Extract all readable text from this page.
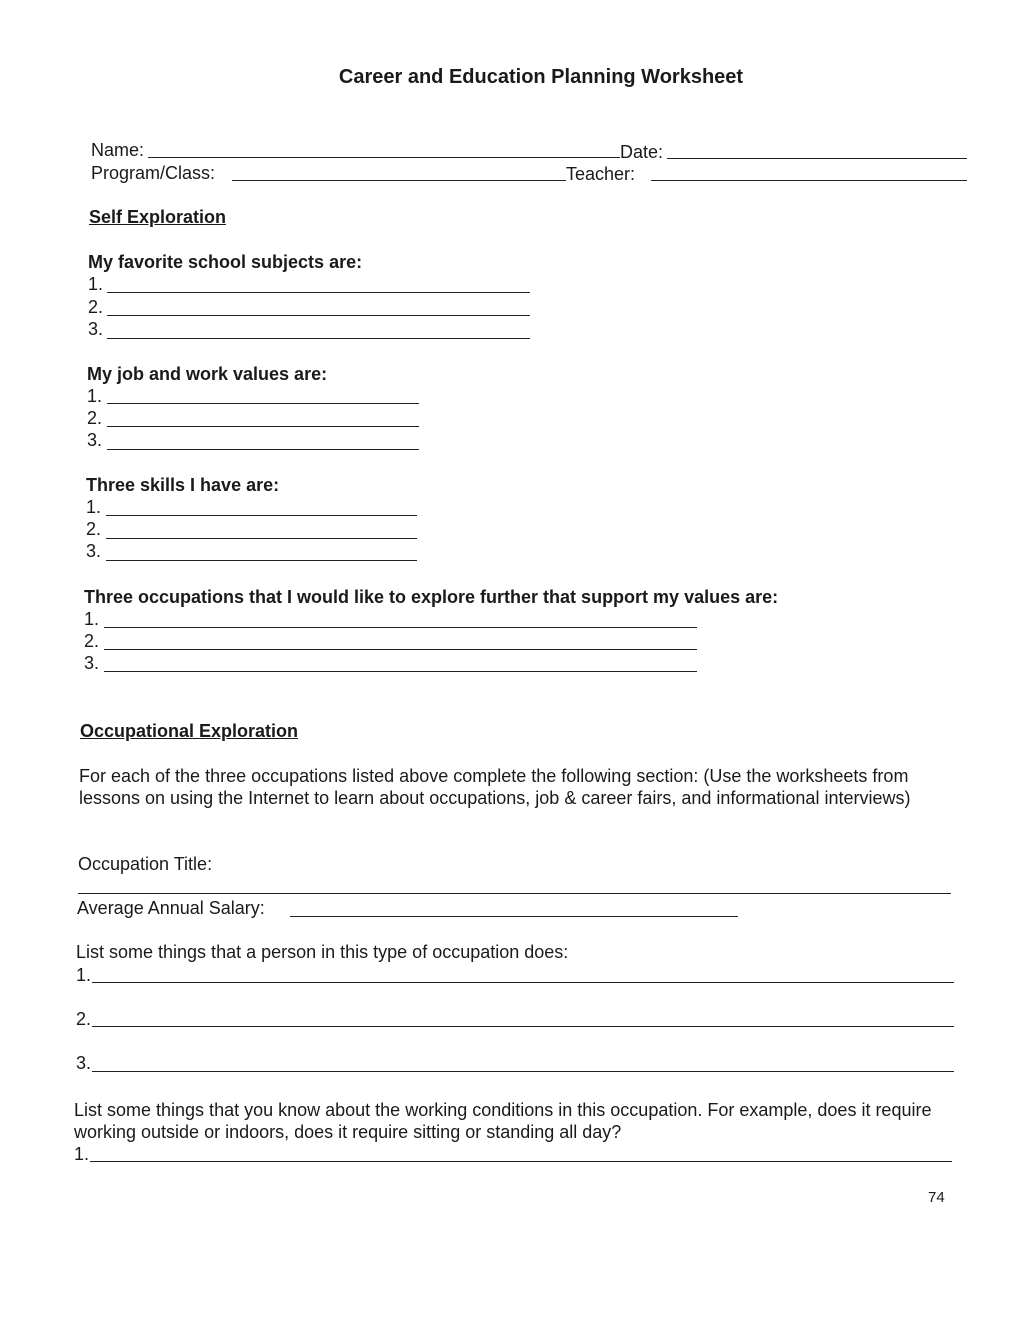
Career and Education Planning Worksheet
Name:	Date:
Program/Class:	Teacher:
Self Exploration
My favorite school subjects are:
1.
2.
3.
My job and work values are:
1.
2.
3.
Three skills I have are:
1.
2.
3.
Three occupations that I would like to explore further that support my values are:
1.
2.
3.
Occupational Exploration
For each of the three occupations listed above complete the following section: (Use the worksheets from lessons on using the Internet to learn about occupations, job & career fairs, and informational interviews)
Occupation Title:
Average Annual Salary:
List some things that a person in this type of occupation does:
1.
2.
3.
List some things that you know about the working conditions in this occupation. For example, does it require working outside or indoors, does it require sitting or standing all day?
1.
74
